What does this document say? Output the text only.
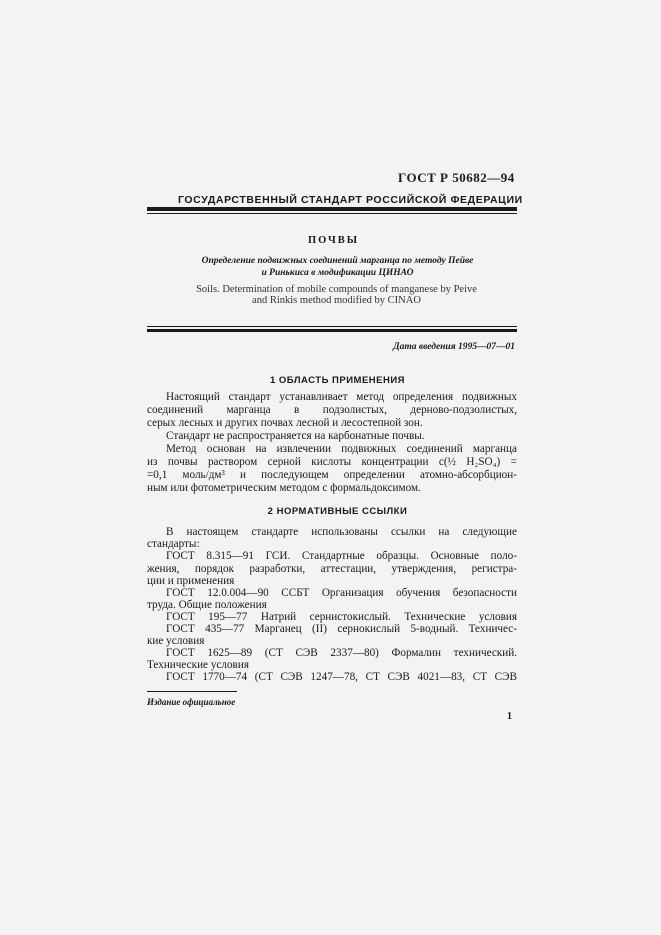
ГОСТ Р 50682—94
ГОСУДАРСТВЕННЫЙ СТАНДАРТ РОССИЙСКОЙ ФЕДЕРАЦИИ
ПОЧВЫ
Определение подвижных соединений марганца по методу Пейве
и Ринькиса в модификации ЦИНАО
Soils. Determination of mobile compounds of manganese by Peive
and Rinkis method modified by CINAO
Дата введения 1995—07—01
1 ОБЛАСТЬ ПРИМЕНЕНИЯ
Настоящий стандарт устанавливает метод определения подвижных
соединений марганца в подзолистых, дерново-подзолистых,
серых лесных и других почвах лесной и лесостепной зон.
Стандарт не распространяется на карбонатные почвы.
Метод основан на извлечении подвижных соединений марганца
из почвы раствором серной кислоты концентрации c(½ H₂SO₄) =
=0,1 моль/дм³ и последующем определении атомно-абсорбцион-
ным или фотометрическим методом с формальдоксимом.
2 НОРМАТИВНЫЕ ССЫЛКИ
В настоящем стандарте использованы ссылки на следующие
стандарты:
ГОСТ 8.315—91 ГСИ. Стандартные образцы. Основные поло-
жения, порядок разработки, аттестации, утверждения, регистра-
ции и применения
ГОСТ 12.0.004—90 ССБТ Организация обучения безопасности
труда. Общие положения
ГОСТ 195—77 Натрий сернистокислый. Технические условия
ГОСТ 435—77 Марганец (II) сернокислый 5-водный. Техничес-
кие условия
ГОСТ 1625—89 (СТ СЭВ 2337—80) Формалин технический.
Технические условия
ГОСТ 1770—74 (СТ СЭВ 1247—78, СТ СЭВ 4021—83, СТ СЭВ
Издание официальное
1
